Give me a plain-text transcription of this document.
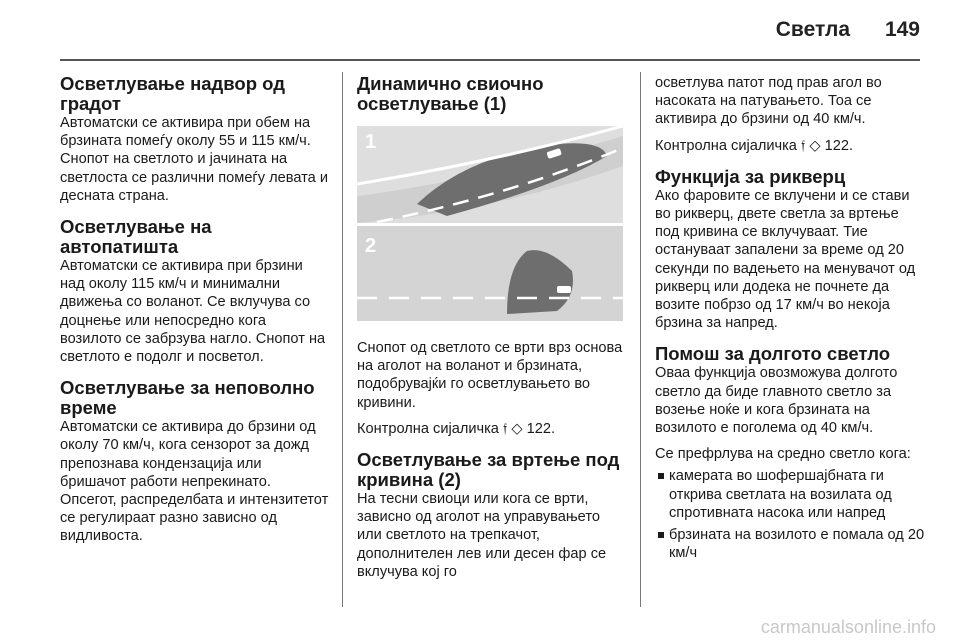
Светла 149
Осветлување надвор од градот

Автоматски се активира при обем на брзината помеѓу околу 55 и 115 км/ч. Снопот на светлото и јачината на светлоста се различни помеѓу левата и десната страна.

Осветлување на автопатишта

Автоматски се активира при брзини над околу 115 км/ч и минимални движења со воланот. Се вклучува со доцнење или непосредно кога возилото се забрзува нагло. Снопот на светлото е подолг и посветол.

Осветлување за неповолно време

Автоматски се активира до брзини од околу 70 км/ч, кога сензорот за дожд препознава кондензација или бришачот работи непрекинато. Опсегот, распределбата и интензитетот се регулираат разно зависно од видливоста.

Динамично свиочно осветлување (1)
1
2

Снопот од светлото се врти врз основа на аголот на воланот и брзината, подобрувајќи го осветлувањето во кривини.

Контролна сијаличка 𝔣 ◇ 122.

Осветлување за вртење под кривина (2)

На тесни свиоци или кога се врти, зависно од аголот на управувањето или светлото на трепкачот, дополнителен лев или десен фар се вклучува кој го

осветлува патот под прав агол во насоката на патувањето. Тоа се активира до брзини од 40 км/ч.

Контролна сијаличка 𝔣 ◇ 122.

Функција за рикверц

Ако фаровите се вклучени и се стави во рикверц, двете светла за вртење под кривина се вклучуваат. Тие остануваат запалени за време од 20 секунди по вадењето на менувачот од рикверц или додека не почнете да возите побрзо од 17 км/ч во некоја брзина за напред.

Помош за долгото светло

Оваа функција овозможува долгото светло да биде главното светло за возење ноќе и кога брзината на возилото е поголема од 40 км/ч.

Се префрлува на средно светло кога:

камерата во шофершајбната ги открива светлата на возилата од спротивната насока или напред
брзината на возилото е помала од 20 км/ч
carmanualsonline.info
